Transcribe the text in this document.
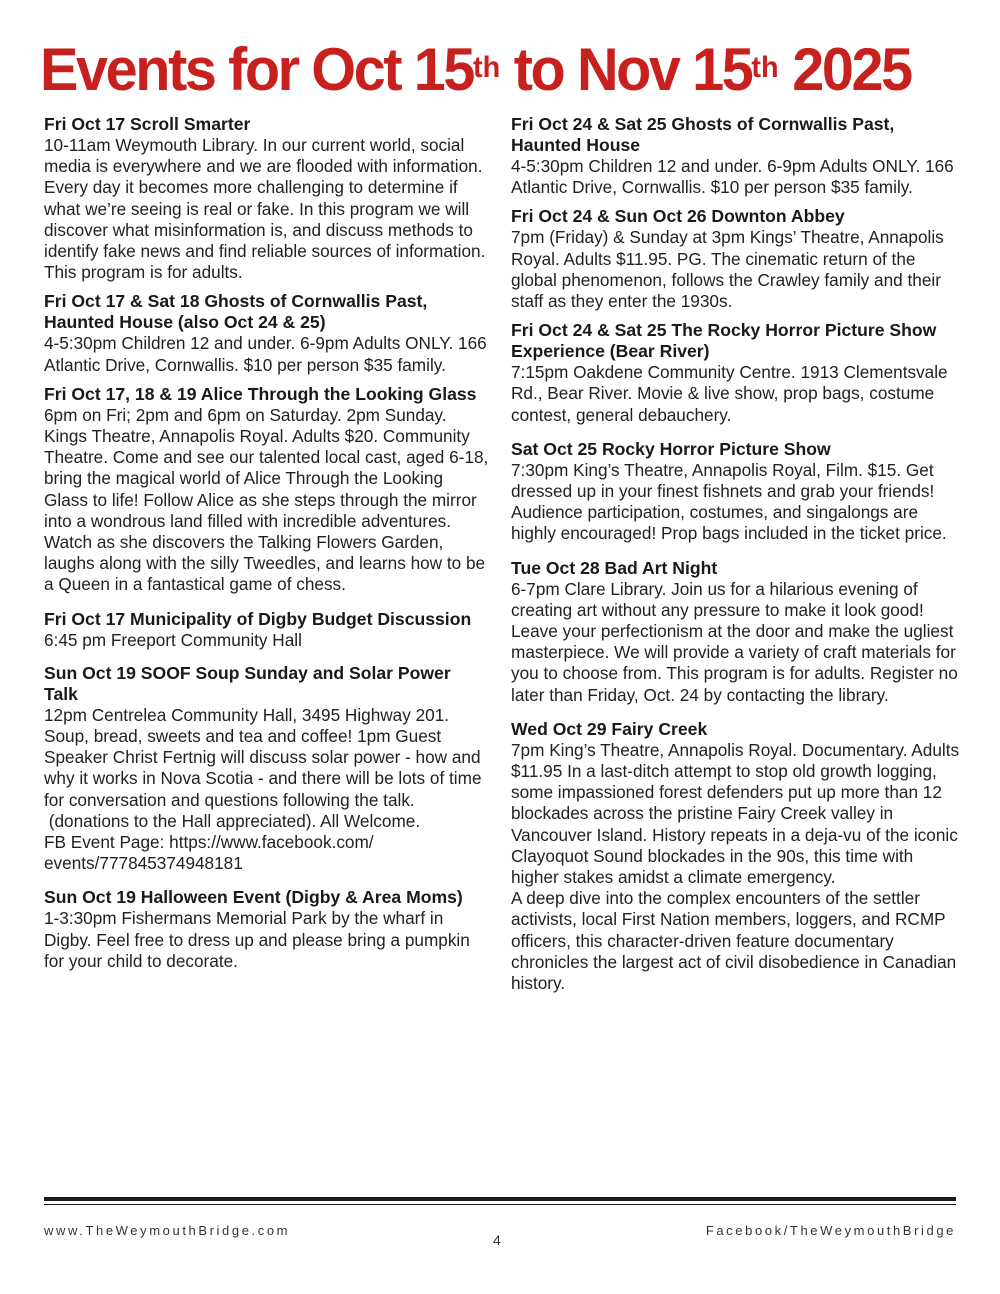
Events for Oct 15th to Nov 15th 2025
Fri Oct 17 Scroll Smarter

10-11am Weymouth Library. In our current world, social media is everywhere and we are flooded with information. Every day it becomes more challenging to determine if what we’re seeing is real or fake. In this program we will discover what misinformation is, and discuss methods to identify fake news and find reliable sources of information. This program is for adults.

Fri Oct 17 & Sat 18 Ghosts of Cornwallis Past, Haunted House (also Oct 24 & 25)

4-5:30pm Children 12 and under. 6-9pm Adults ONLY. 166 Atlantic Drive, Cornwallis. $10 per person $35 family.

Fri Oct 17, 18 & 19 Alice Through the Looking Glass

6pm on Fri; 2pm and 6pm on Saturday. 2pm Sunday. Kings Theatre, Annapolis Royal. Adults $20. Community Theatre. Come and see our talented local cast, aged 6-18, bring the magical world of Alice Through the Looking Glass to life! Follow Alice as she steps through the mirror into a wondrous land filled with incredible adventures. Watch as she discovers the Talking Flowers Garden, laughs along with the silly Tweedles, and learns how to be a Queen in a fantastical game of chess.

Fri Oct 17 Municipality of Digby Budget Discussion

6:45 pm Freeport Community Hall

Sun Oct 19 SOOF Soup Sunday and Solar Power Talk

12pm Centrelea Community Hall, 3495 Highway 201. Soup, bread, sweets and tea and coffee! 1pm Guest Speaker Christ Fertnig will discuss solar power - how and why it works in Nova Scotia - and there will be lots of time for conversation and questions following the talk.
(donations to the Hall appreciated). All Welcome.
FB Event Page: https://www.facebook.com/ events/777845374948181

Sun Oct 19 Halloween Event (Digby & Area Moms)

1-3:30pm Fishermans Memorial Park by the wharf in Digby. Feel free to dress up and please bring a pumpkin for your child to decorate.

Fri Oct 24 & Sat 25 Ghosts of Cornwallis Past, Haunted House

4-5:30pm Children 12 and under. 6-9pm Adults ONLY. 166 Atlantic Drive, Cornwallis. $10 per person $35 family.

Fri Oct 24 & Sun Oct 26 Downton Abbey

7pm (Friday) & Sunday at 3pm Kings’ Theatre, Annapolis Royal. Adults $11.95. PG. The cinematic return of the global phenomenon, follows the Crawley family and their staff as they enter the 1930s.

Fri Oct 24 & Sat 25 The Rocky Horror Picture Show Experience (Bear River)

7:15pm Oakdene Community Centre. 1913 Clementsvale Rd., Bear River. Movie & live show, prop bags, costume contest, general debauchery.

Sat Oct 25 Rocky Horror Picture Show

7:30pm King’s Theatre, Annapolis Royal, Film. $15. Get dressed up in your finest fishnets and grab your friends! Audience participation, costumes, and singalongs are highly encouraged! Prop bags included in the ticket price.

Tue Oct 28 Bad Art Night

6-7pm Clare Library. Join us for a hilarious evening of creating art without any pressure to make it look good! Leave your perfectionism at the door and make the ugliest masterpiece. We will provide a variety of craft materials for you to choose from. This program is for adults. Register no later than Friday, Oct. 24 by contacting the library.

Wed Oct 29 Fairy Creek

7pm King’s Theatre, Annapolis Royal. Documentary. Adults $11.95 In a last-ditch attempt to stop old growth logging, some impassioned forest defenders put up more than 12 blockades across the pristine Fairy Creek valley in Vancouver Island. History repeats in a deja-vu of the iconic Clayoquot Sound blockades in the 90s, this time with higher stakes amidst a climate emergency.
A deep dive into the complex encounters of the settler activists, local First Nation members, loggers, and RCMP officers, this character-driven feature documentary chronicles the largest act of civil disobedience in Canadian history.

www.TheWeymouthBridge.com
4
Facebook/TheWeymouthBridge
